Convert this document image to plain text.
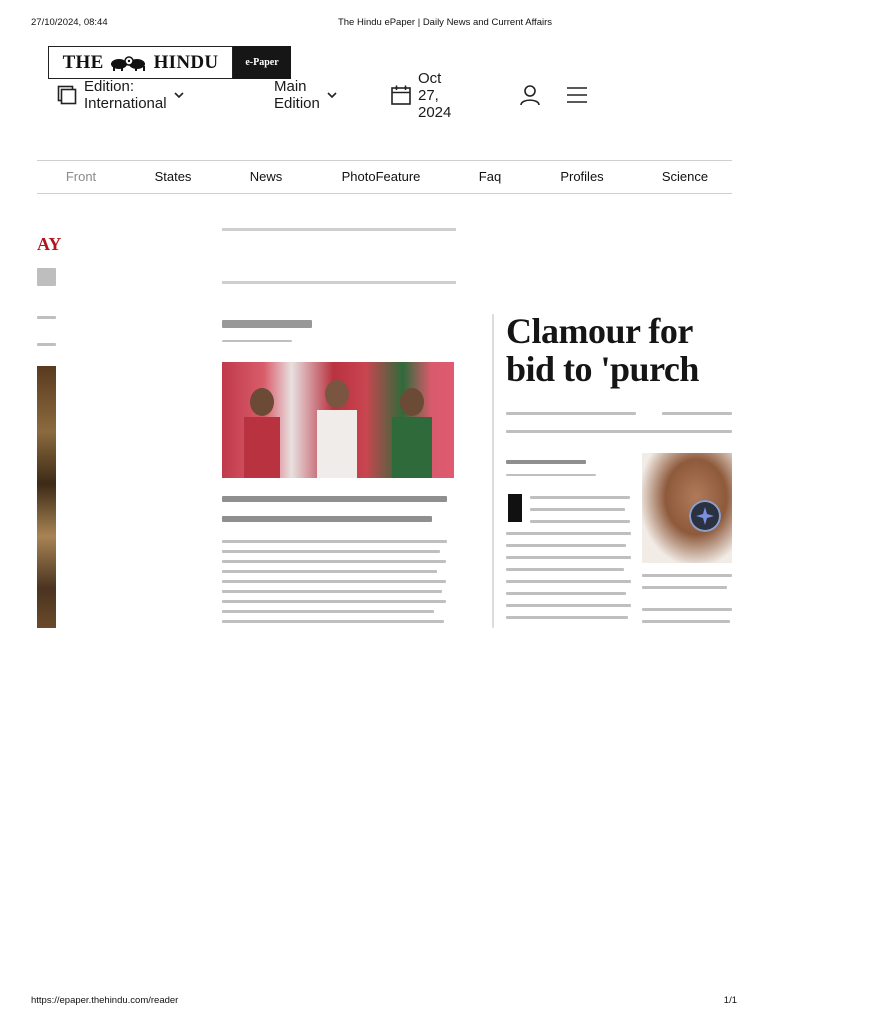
27/10/2024, 08:44	The Hindu ePaper | Daily News and Current Affairs
THE	HINDU	e-Paper
Edition: International
Main Edition
Oct 27, 2024
Front	States	News	PhotoFeature	Faq	Profiles	Science
AY
Clamour for
bid to 'purch
https://epaper.thehindu.com/reader	1/1
